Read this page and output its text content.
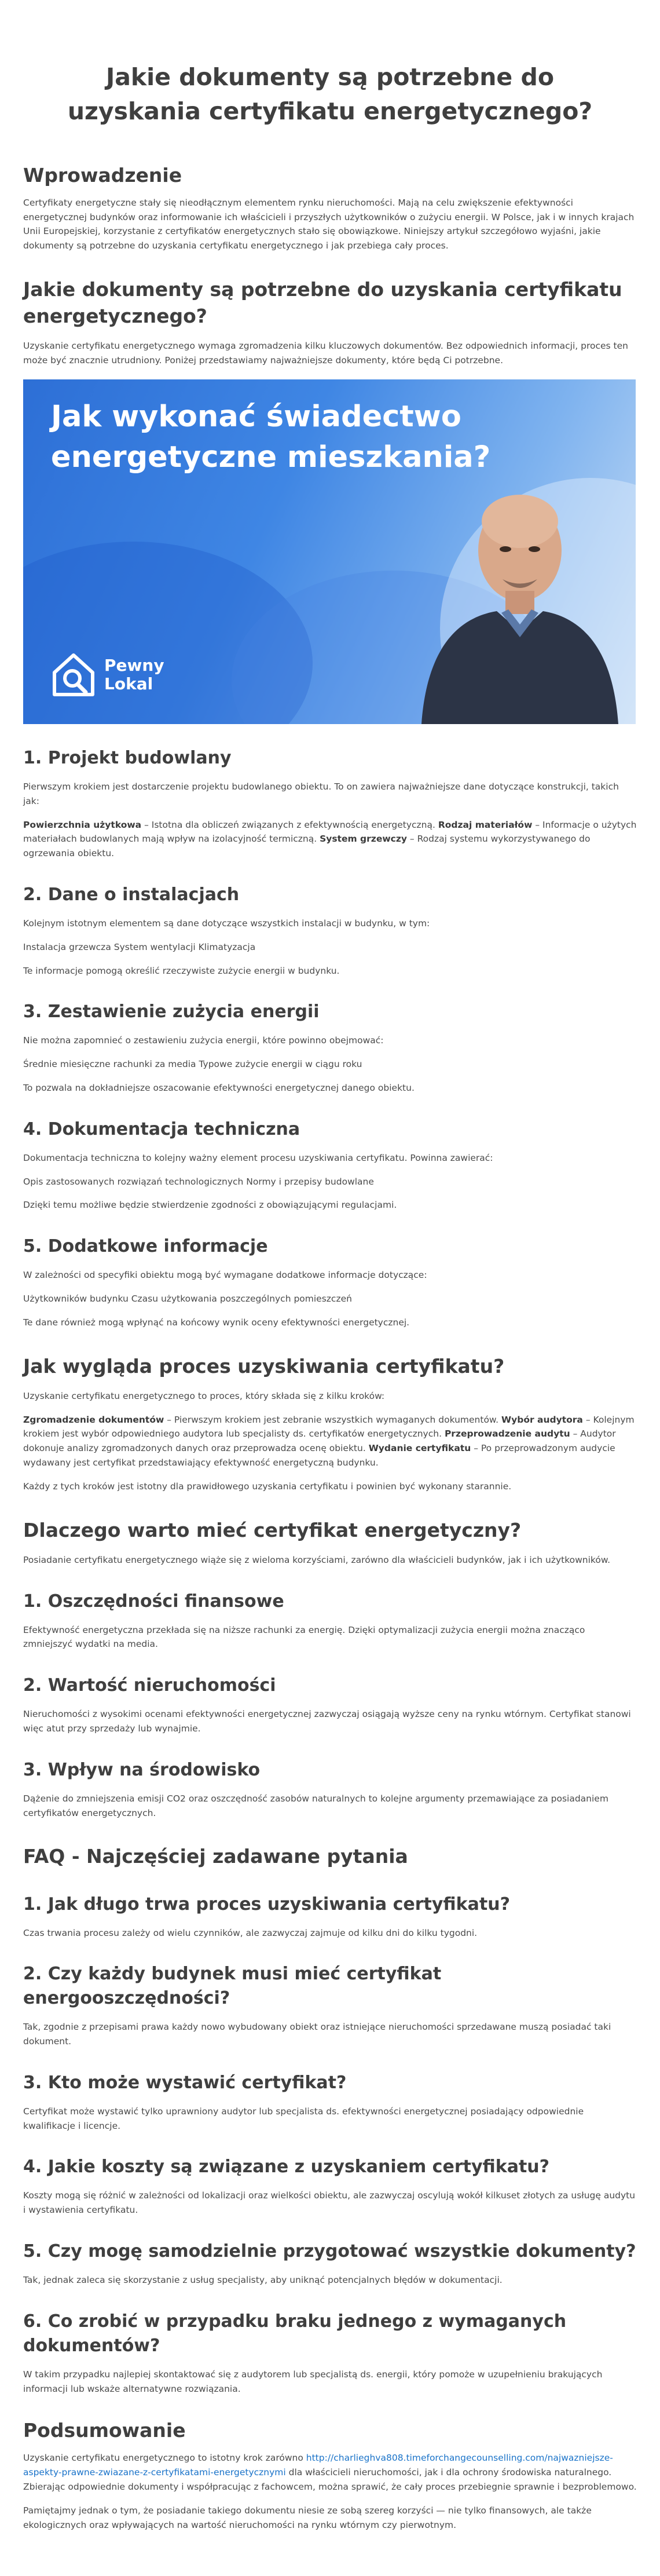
Jakie dokumenty są potrzebne do uzyskania certyfikatu energetycznego?
Wprowadzenie

Certyfikaty energetyczne stały się nieodłącznym elementem rynku nieruchomości. Mają na celu zwiększenie efektywności energetycznej budynków oraz informowanie ich właścicieli i przyszłych użytkowników o zużyciu energii. W Polsce, jak i w innych krajach Unii Europejskiej, korzystanie z certyfikatów energetycznych stało się obowiązkowe. Niniejszy artykuł szczegółowo wyjaśni, jakie dokumenty są potrzebne do uzyskania certyfikatu energetycznego i jak przebiega cały proces.

Jakie dokumenty są potrzebne do uzyskania certyfikatu energetycznego?

Uzyskanie certyfikatu energetycznego wymaga zgromadzenia kilku kluczowych dokumentów. Bez odpowiednich informacji, proces ten może być znacznie utrudniony. Poniżej przedstawiamy najważniejsze dokumenty, które będą Ci potrzebne.

Jak wykonać świadectwo energetyczne mieszkania?
Pewny
Lokal
1. Projekt budowlany

Pierwszym krokiem jest dostarczenie projektu budowlanego obiektu. To on zawiera najważniejsze dane dotyczące konstrukcji, takich jak:

Powierzchnia użytkowa – Istotna dla obliczeń związanych z efektywnością energetyczną. Rodzaj materiałów – Informacje o użytych materiałach budowlanych mają wpływ na izolacyjność termiczną. System grzewczy – Rodzaj systemu wykorzystywanego do ogrzewania obiektu.

2. Dane o instalacjach

Kolejnym istotnym elementem są dane dotyczące wszystkich instalacji w budynku, w tym:

Instalacja grzewcza System wentylacji Klimatyzacja

Te informacje pomogą określić rzeczywiste zużycie energii w budynku.

3. Zestawienie zużycia energii

Nie można zapomnieć o zestawieniu zużycia energii, które powinno obejmować:

Średnie miesięczne rachunki za media Typowe zużycie energii w ciągu roku

To pozwala na dokładniejsze oszacowanie efektywności energetycznej danego obiektu.

4. Dokumentacja techniczna

Dokumentacja techniczna to kolejny ważny element procesu uzyskiwania certyfikatu. Powinna zawierać:

Opis zastosowanych rozwiązań technologicznych Normy i przepisy budowlane

Dzięki temu możliwe będzie stwierdzenie zgodności z obowiązującymi regulacjami.

5. Dodatkowe informacje

W zależności od specyfiki obiektu mogą być wymagane dodatkowe informacje dotyczące:

Użytkowników budynku Czasu użytkowania poszczególnych pomieszczeń

Te dane również mogą wpłynąć na końcowy wynik oceny efektywności energetycznej.

Jak wygląda proces uzyskiwania certyfikatu?

Uzyskanie certyfikatu energetycznego to proces, który składa się z kilku kroków:

Zgromadzenie dokumentów – Pierwszym krokiem jest zebranie wszystkich wymaganych dokumentów. Wybór audytora – Kolejnym krokiem jest wybór odpowiedniego audytora lub specjalisty ds. certyfikatów energetycznych. Przeprowadzenie audytu – Audytor dokonuje analizy zgromadzonych danych oraz przeprowadza ocenę obiektu. Wydanie certyfikatu – Po przeprowadzonym audycie wydawany jest certyfikat przedstawiający efektywność energetyczną budynku.

Każdy z tych kroków jest istotny dla prawidłowego uzyskania certyfikatu i powinien być wykonany starannie.

Dlaczego warto mieć certyfikat energetyczny?

Posiadanie certyfikatu energetycznego wiąże się z wieloma korzyściami, zarówno dla właścicieli budynków, jak i ich użytkowników.

1. Oszczędności finansowe

Efektywność energetyczna przekłada się na niższe rachunki za energię. Dzięki optymalizacji zużycia energii można znacząco zmniejszyć wydatki na media.

2. Wartość nieruchomości

Nieruchomości z wysokimi ocenami efektywności energetycznej zazwyczaj osiągają wyższe ceny na rynku wtórnym. Certyfikat stanowi więc atut przy sprzedaży lub wynajmie.

3. Wpływ na środowisko

Dążenie do zmniejszenia emisji CO2 oraz oszczędność zasobów naturalnych to kolejne argumenty przemawiające za posiadaniem certyfikatów energetycznych.

FAQ - Najczęściej zadawane pytania
1. Jak długo trwa proces uzyskiwania certyfikatu?

Czas trwania procesu zależy od wielu czynników, ale zazwyczaj zajmuje od kilku dni do kilku tygodni.

2. Czy każdy budynek musi mieć certyfikat energooszczędności?

Tak, zgodnie z przepisami prawa każdy nowo wybudowany obiekt oraz istniejące nieruchomości sprzedawane muszą posiadać taki dokument.

3. Kto może wystawić certyfikat?

Certyfikat może wystawić tylko uprawniony audytor lub specjalista ds. efektywności energetycznej posiadający odpowiednie kwalifikacje i licencje.

4. Jakie koszty są związane z uzyskaniem certyfikatu?

Koszty mogą się różnić w zależności od lokalizacji oraz wielkości obiektu, ale zazwyczaj oscylują wokół kilkuset złotych za usługę audytu i wystawienia certyfikatu.

5. Czy mogę samodzielnie przygotować wszystkie dokumenty?

Tak, jednak zaleca się skorzystanie z usług specjalisty, aby uniknąć potencjalnych błędów w dokumentacji.

6. Co zrobić w przypadku braku jednego z wymaganych dokumentów?

W takim przypadku najlepiej skontaktować się z audytorem lub specjalistą ds. energii, który pomoże w uzupełnieniu brakujących informacji lub wskaże alternatywne rozwiązania.

Podsumowanie

Uzyskanie certyfikatu energetycznego to istotny krok zarówno http://charlieghva808.timeforchangecounselling.com/najwazniejsze-aspekty-prawne-zwiazane-z-certyfikatami-energetycznymi dla właścicieli nieruchomości, jak i dla ochrony środowiska naturalnego. Zbierając odpowiednie dokumenty i współpracując z fachowcem, można sprawić, że cały proces przebiegnie sprawnie i bezproblemowo.

Pamiętajmy jednak o tym, że posiadanie takiego dokumentu niesie ze sobą szereg korzyści — nie tylko finansowych, ale także ekologicznych oraz wpływających na wartość nieruchomości na rynku wtórnym czy pierwotnym.
